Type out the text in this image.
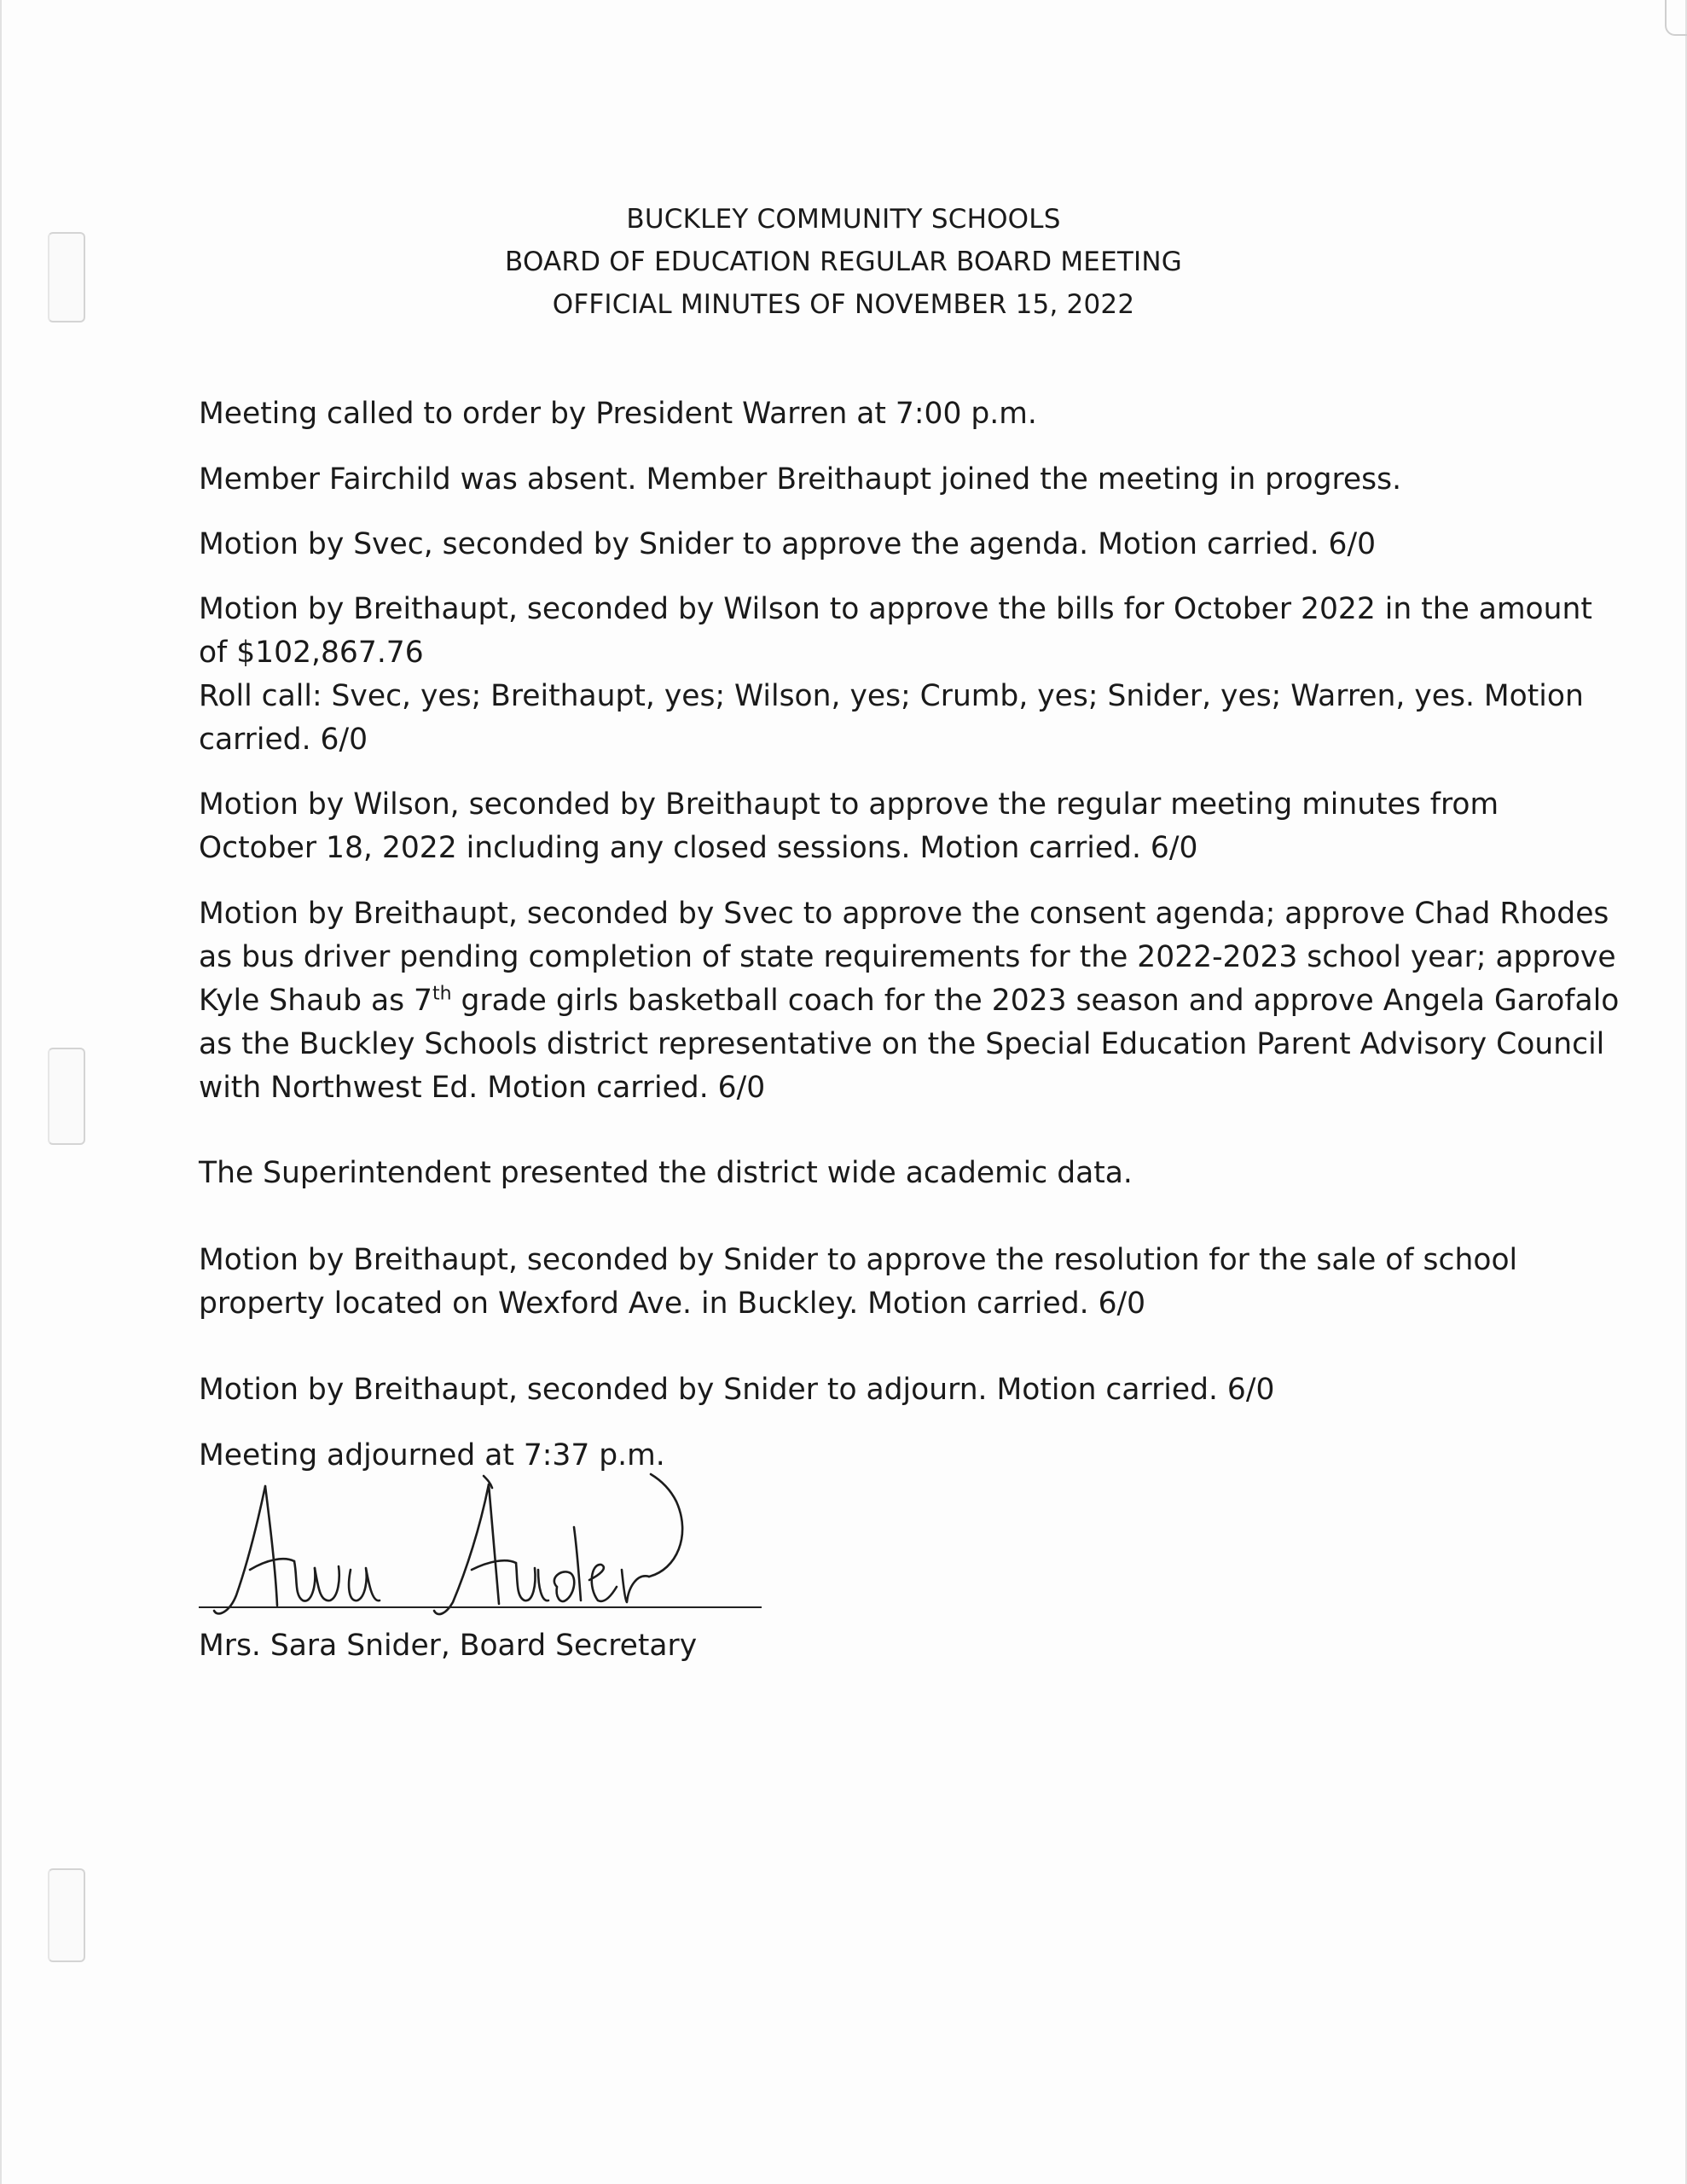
BUCKLEY COMMUNITY SCHOOLS
BOARD OF EDUCATION REGULAR BOARD MEETING
OFFICIAL MINUTES OF NOVEMBER 15, 2022
Meeting called to order by President Warren at 7:00 p.m.
Member Fairchild was absent. Member Breithaupt joined the meeting in progress.
Motion by Svec, seconded by Snider to approve the agenda. Motion carried. 6/0
Motion by Breithaupt, seconded by Wilson to approve the bills for October 2022 in the amount
of $102,867.76
Roll call: Svec, yes; Breithaupt, yes; Wilson, yes; Crumb, yes; Snider, yes; Warren, yes. Motion
carried. 6/0
Motion by Wilson, seconded by Breithaupt to approve the regular meeting minutes from
October 18, 2022 including any closed sessions. Motion carried. 6/0
Motion by Breithaupt, seconded by Svec to approve the consent agenda; approve Chad Rhodes
as bus driver pending completion of state requirements for the 2022-2023 school year; approve
Kyle Shaub as 7th grade girls basketball coach for the 2023 season and approve Angela Garofalo
as the Buckley Schools district representative on the Special Education Parent Advisory Council
with Northwest Ed. Motion carried. 6/0
The Superintendent presented the district wide academic data.
Motion by Breithaupt, seconded by Snider to approve the resolution for the sale of school
property located on Wexford Ave. in Buckley. Motion carried. 6/0
Motion by Breithaupt, seconded by Snider to adjourn. Motion carried. 6/0
Meeting adjourned at 7:37 p.m.
Mrs. Sara Snider, Board Secretary
